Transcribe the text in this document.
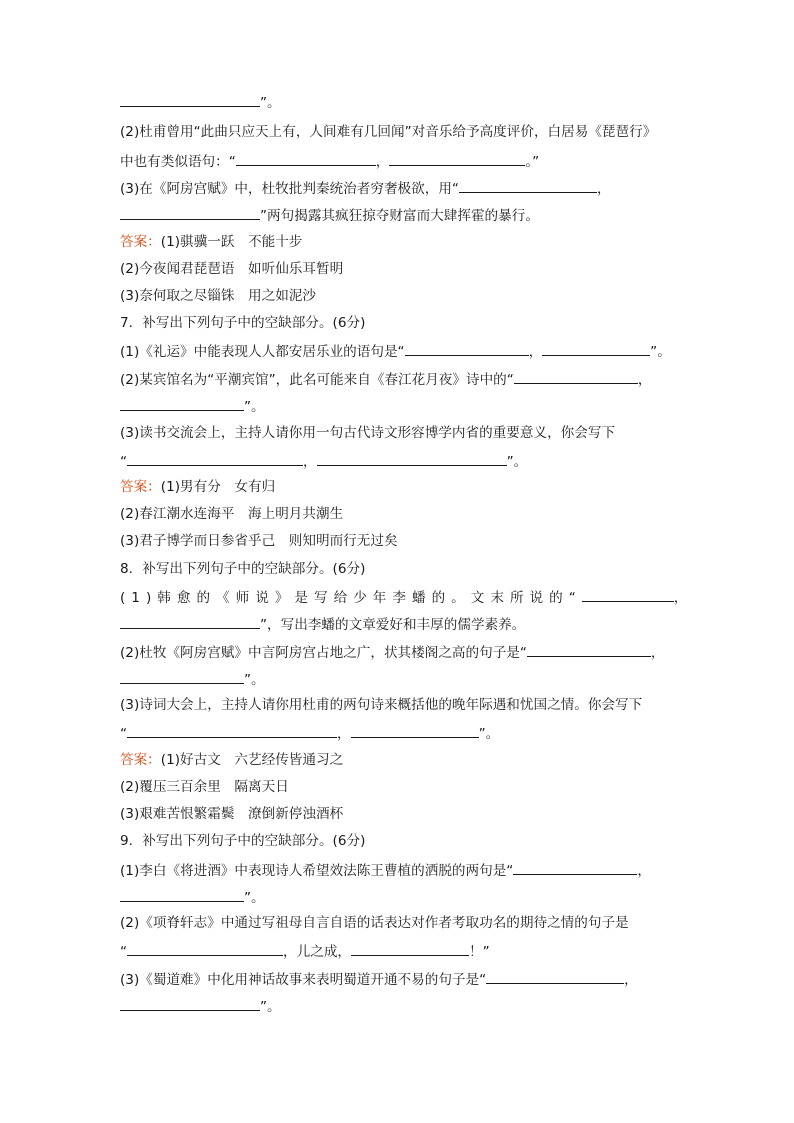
”。
(2)杜甫曾用“此曲只应天上有，人间难有几回闻”对音乐给予高度评价，白居易《琵琶行》
中也有类似语句：“	，	。”
(3)在《阿房宫赋》中，杜牧批判秦统治者穷奢极欲，用“	，
”两句揭露其疯狂掠夺财富而大肆挥霍的暴行。
答案：(1)骐骥一跃　不能十步
(2)今夜闻君琵琶语　如听仙乐耳暂明
(3)奈何取之尽锱铢　用之如泥沙
7．补写出下列句子中的空缺部分。(6分)
(1)《礼运》中能表现人人都安居乐业的语句是“	，	”。
(2)某宾馆名为“平潮宾馆”，此名可能来自《春江花月夜》诗中的“	，
”。
(3)读书交流会上，主持人请你用一句古代诗文形容博学内省的重要意义，你会写下
“	，	”。
答案：(1)男有分　女有归
(2)春江潮水连海平　海上明月共潮生
(3)君子博学而日参省乎己　则知明而行无过矣
8．补写出下列句子中的空缺部分。(6分)
(1)韩愈的《师说》是写给少年李蟠的。文末所说的“	，
”，写出李蟠的文章爱好和丰厚的儒学素养。
(2)杜牧《阿房宫赋》中言阿房宫占地之广，状其楼阁之高的句子是“	，
”。
(3)诗词大会上，主持人请你用杜甫的两句诗来概括他的晚年际遇和忧国之情。你会写下
“	，	”。
答案：(1)好古文　六艺经传皆通习之
(2)覆压三百余里　隔离天日
(3)艰难苦恨繁霜鬓　潦倒新停浊酒杯
9．补写出下列句子中的空缺部分。(6分)
(1)李白《将进酒》中表现诗人希望效法陈王曹植的洒脱的两句是“	，
”。
(2)《项脊轩志》中通过写祖母自言自语的话表达对作者考取功名的期待之情的句子是
“	，儿之成，	！”
(3)《蜀道难》中化用神话故事来表明蜀道开通不易的句子是“	，
”。
